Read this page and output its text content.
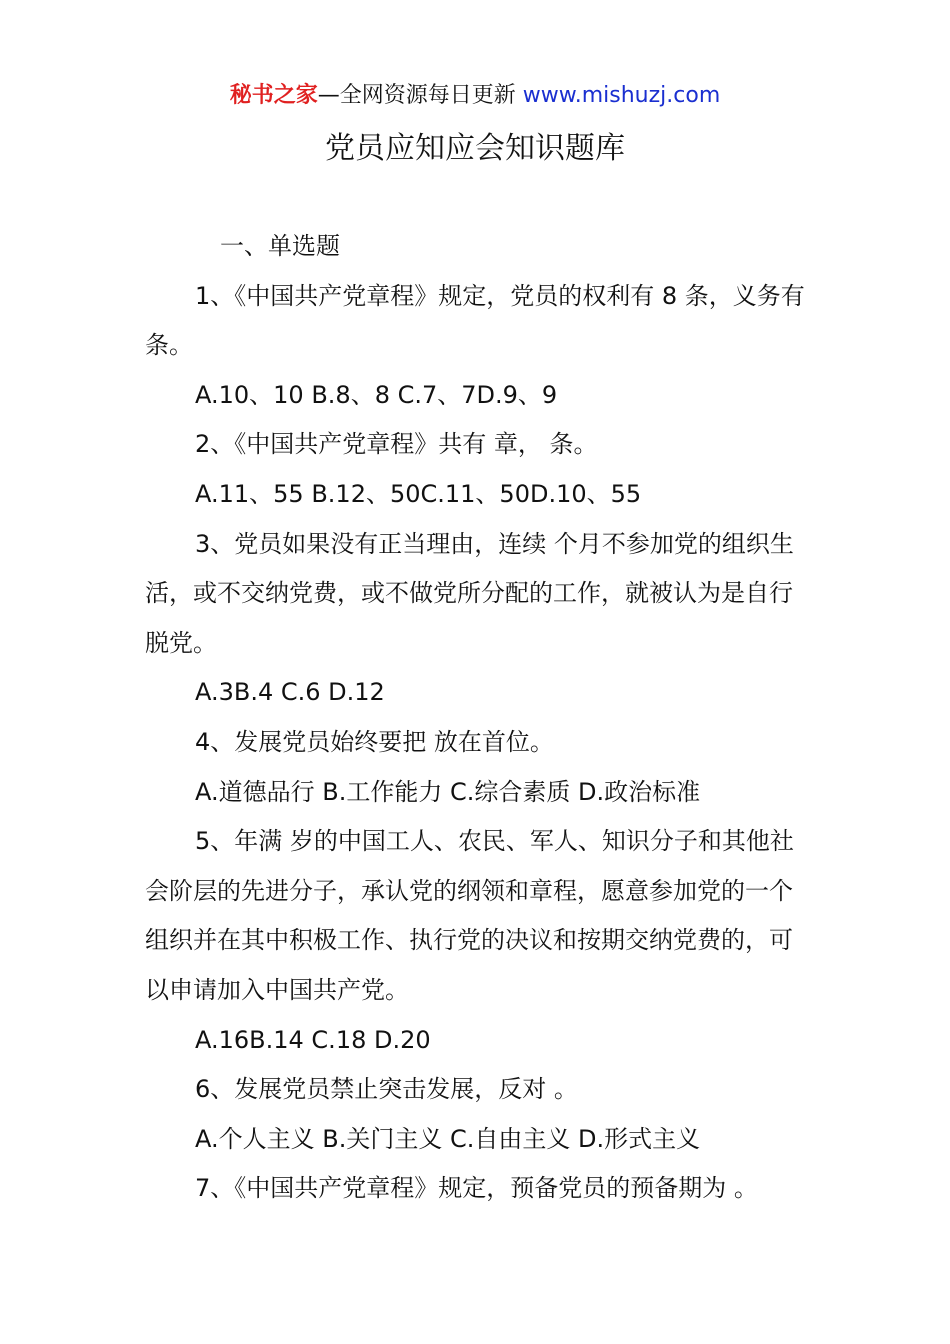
秘书之家—全网资源每日更新 www.mishuzj.com
党员应知应会知识题库

一、单选题

1、《中国共产党章程》规定，党员的权利有 8 条，义务有 条。

A.10、10 B.8、8 C.7、7D.9、9

2、《中国共产党章程》共有 章， 条。

A.11、55 B.12、50C.11、50D.10、55

3、党员如果没有正当理由，连续 个月不参加党的组织生活，或不交纳党费，或不做党所分配的工作，就被认为是自行脱党。

A.3B.4 C.6 D.12

4、发展党员始终要把 放在首位。

A.道德品行 B.工作能力 C.综合素质 D.政治标准

5、年满 岁的中国工人、农民、军人、知识分子和其他社会阶层的先进分子，承认党的纲领和章程，愿意参加党的一个组织并在其中积极工作、执行党的决议和按期交纳党费的，可以申请加入中国共产党。

A.16B.14 C.18 D.20

6、发展党员禁止突击发展，反对 。

A.个人主义 B.关门主义 C.自由主义 D.形式主义

7、《中国共产党章程》规定，预备党员的预备期为 。
